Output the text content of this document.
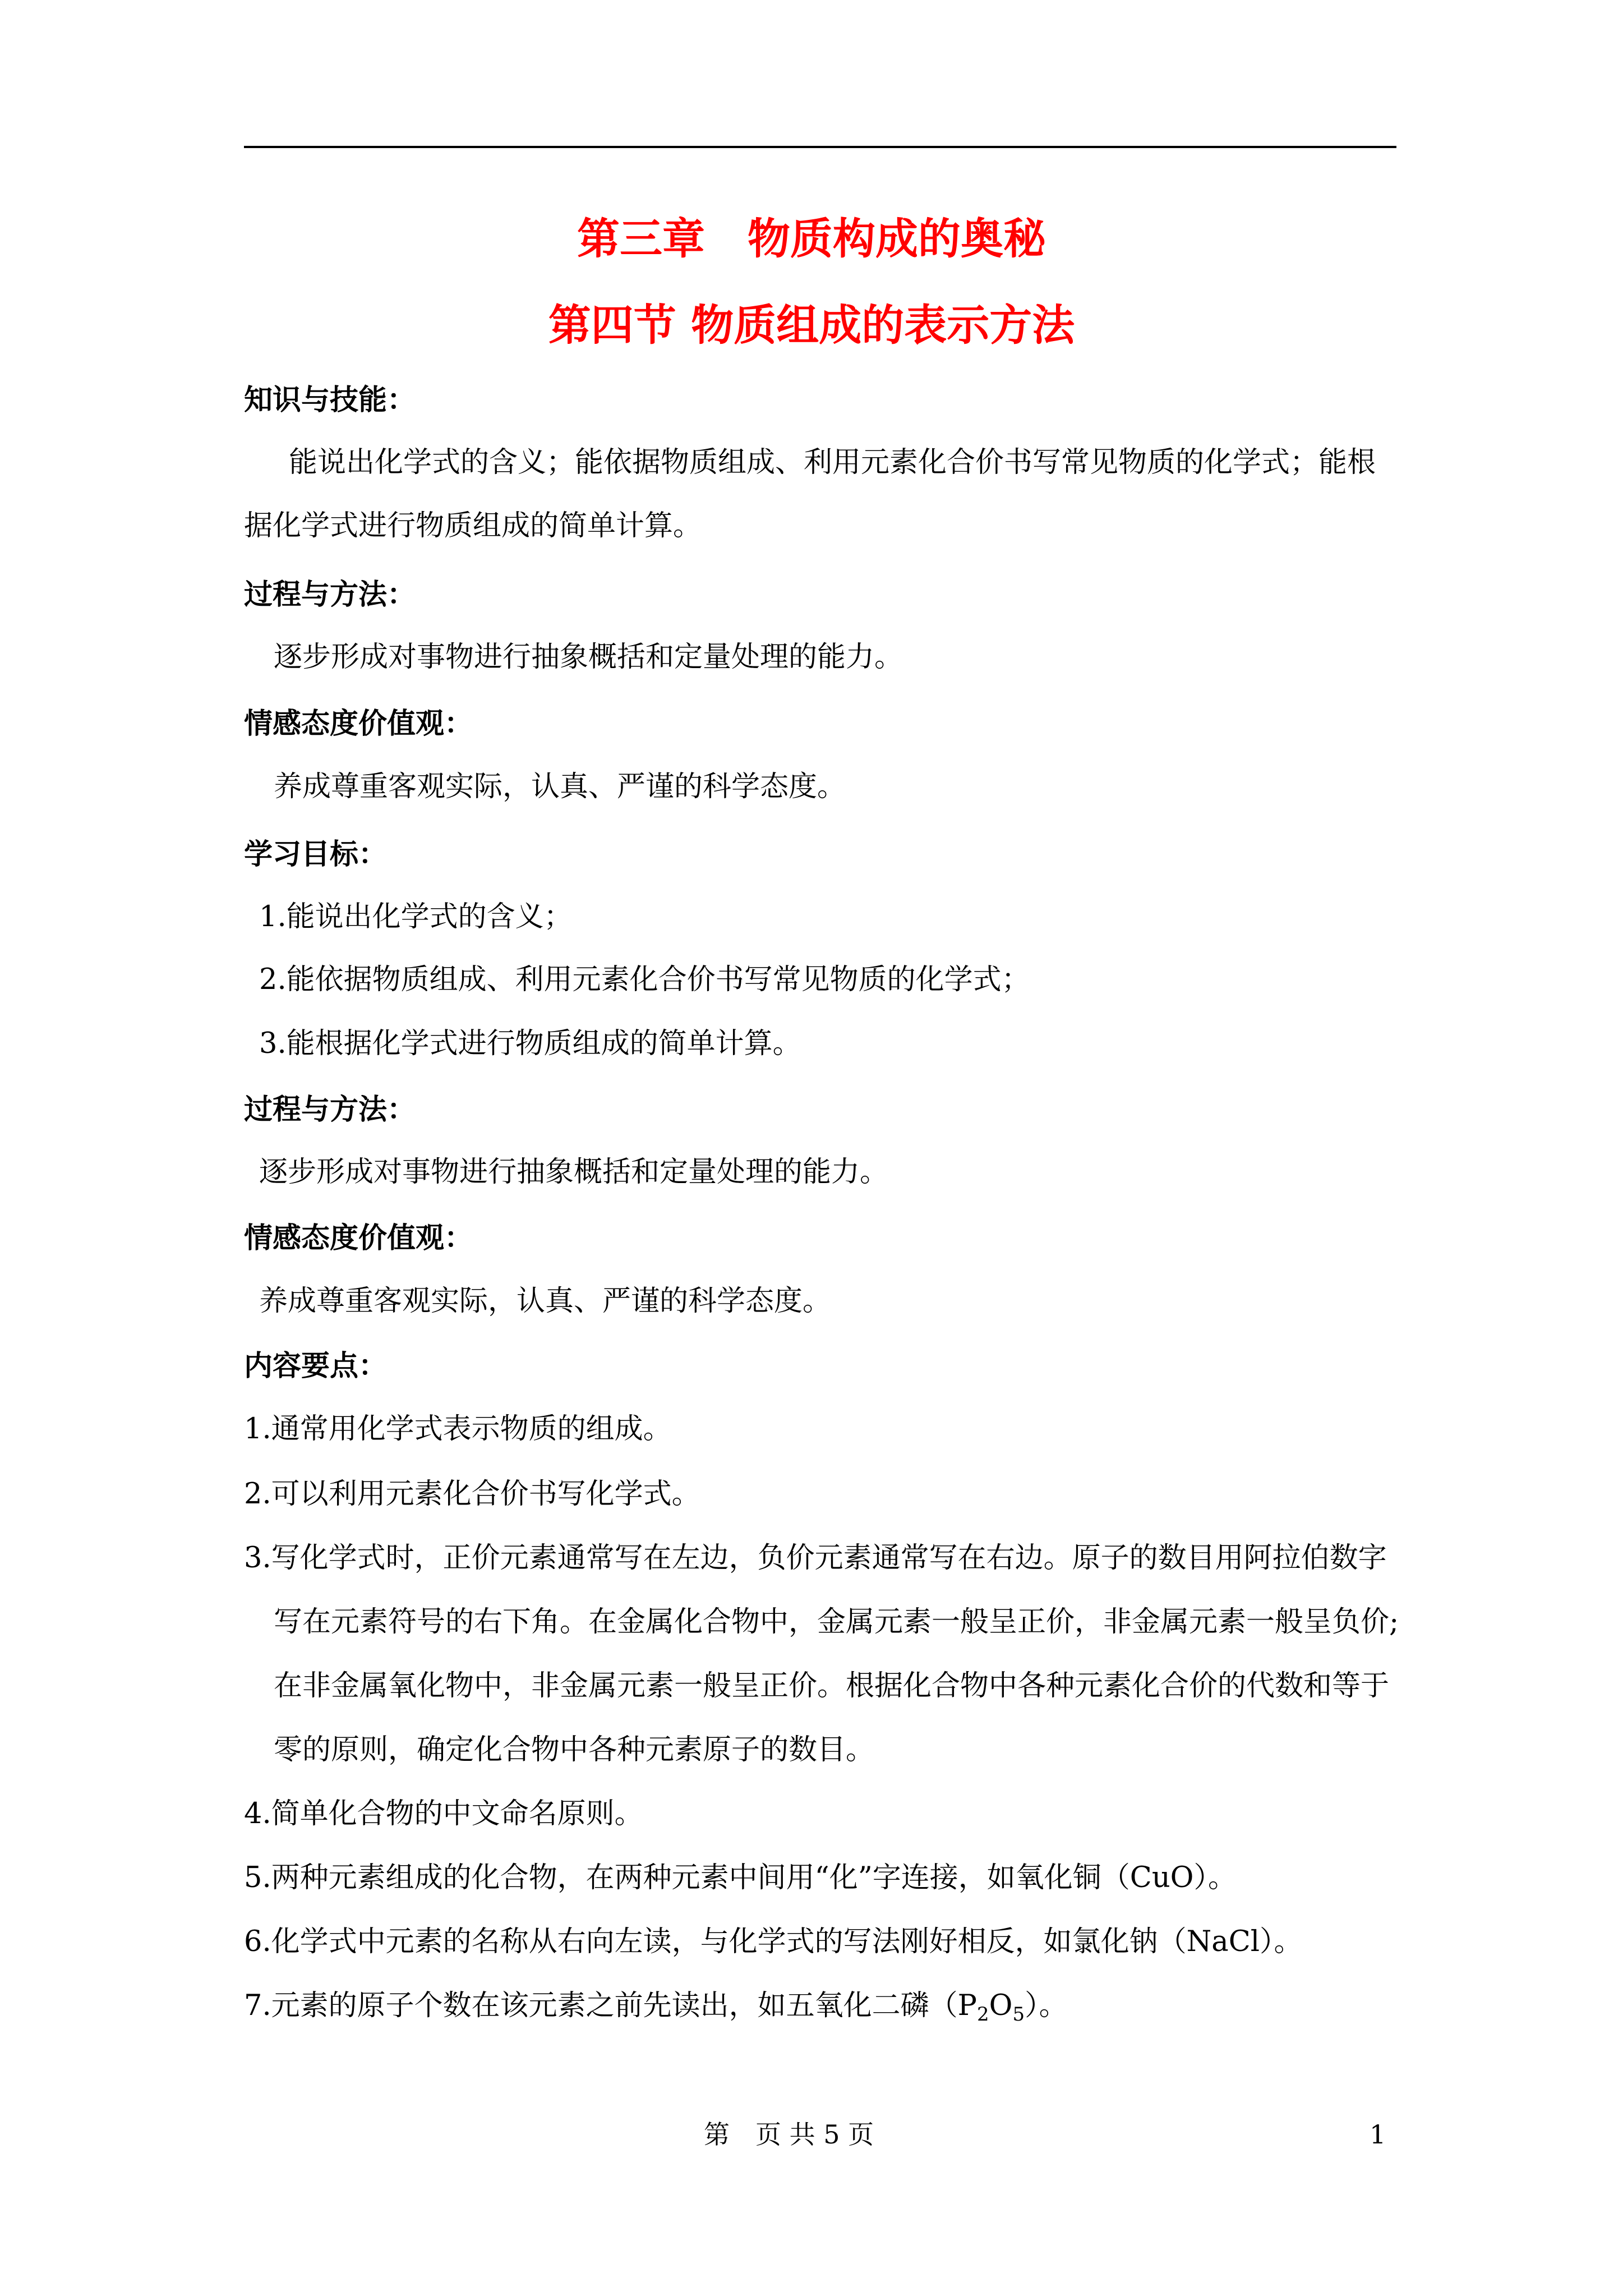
第三章　物质构成的奥秘
第四节 物质组成的表示方法

知识与技能：

能说出化学式的含义；能依据物质组成、利用元素化合价书写常见物质的化学式；能根

据化学式进行物质组成的简单计算。

过程与方法：

逐步形成对事物进行抽象概括和定量处理的能力。

情感态度价值观：

养成尊重客观实际，认真、严谨的科学态度。

学习目标：

1.能说出化学式的含义；

2.能依据物质组成、利用元素化合价书写常见物质的化学式；

3.能根据化学式进行物质组成的简单计算。

过程与方法：

逐步形成对事物进行抽象概括和定量处理的能力。

情感态度价值观：

养成尊重客观实际，认真、严谨的科学态度。

内容要点：

1.通常用化学式表示物质的组成。

2.可以利用元素化合价书写化学式。

3.写化学式时，正价元素通常写在左边，负价元素通常写在右边。原子的数目用阿拉伯数字

写在元素符号的右下角。在金属化合物中，金属元素一般呈正价，非金属元素一般呈负价;

在非金属氧化物中，非金属元素一般呈正价。根据化合物中各种元素化合价的代数和等于

零的原则，确定化合物中各种元素原子的数目。

4.简单化合物的中文命名原则。

5.两种元素组成的化合物，在两种元素中间用“化”字连接，如氧化铜（CuO）。

6.化学式中元素的名称从右向左读，与化学式的写法刚好相反，如氯化钠（NaCl）。

7.元素的原子个数在该元素之前先读出，如五氧化二磷$(P_2O_5)$。

第　页 共 5 页	1
